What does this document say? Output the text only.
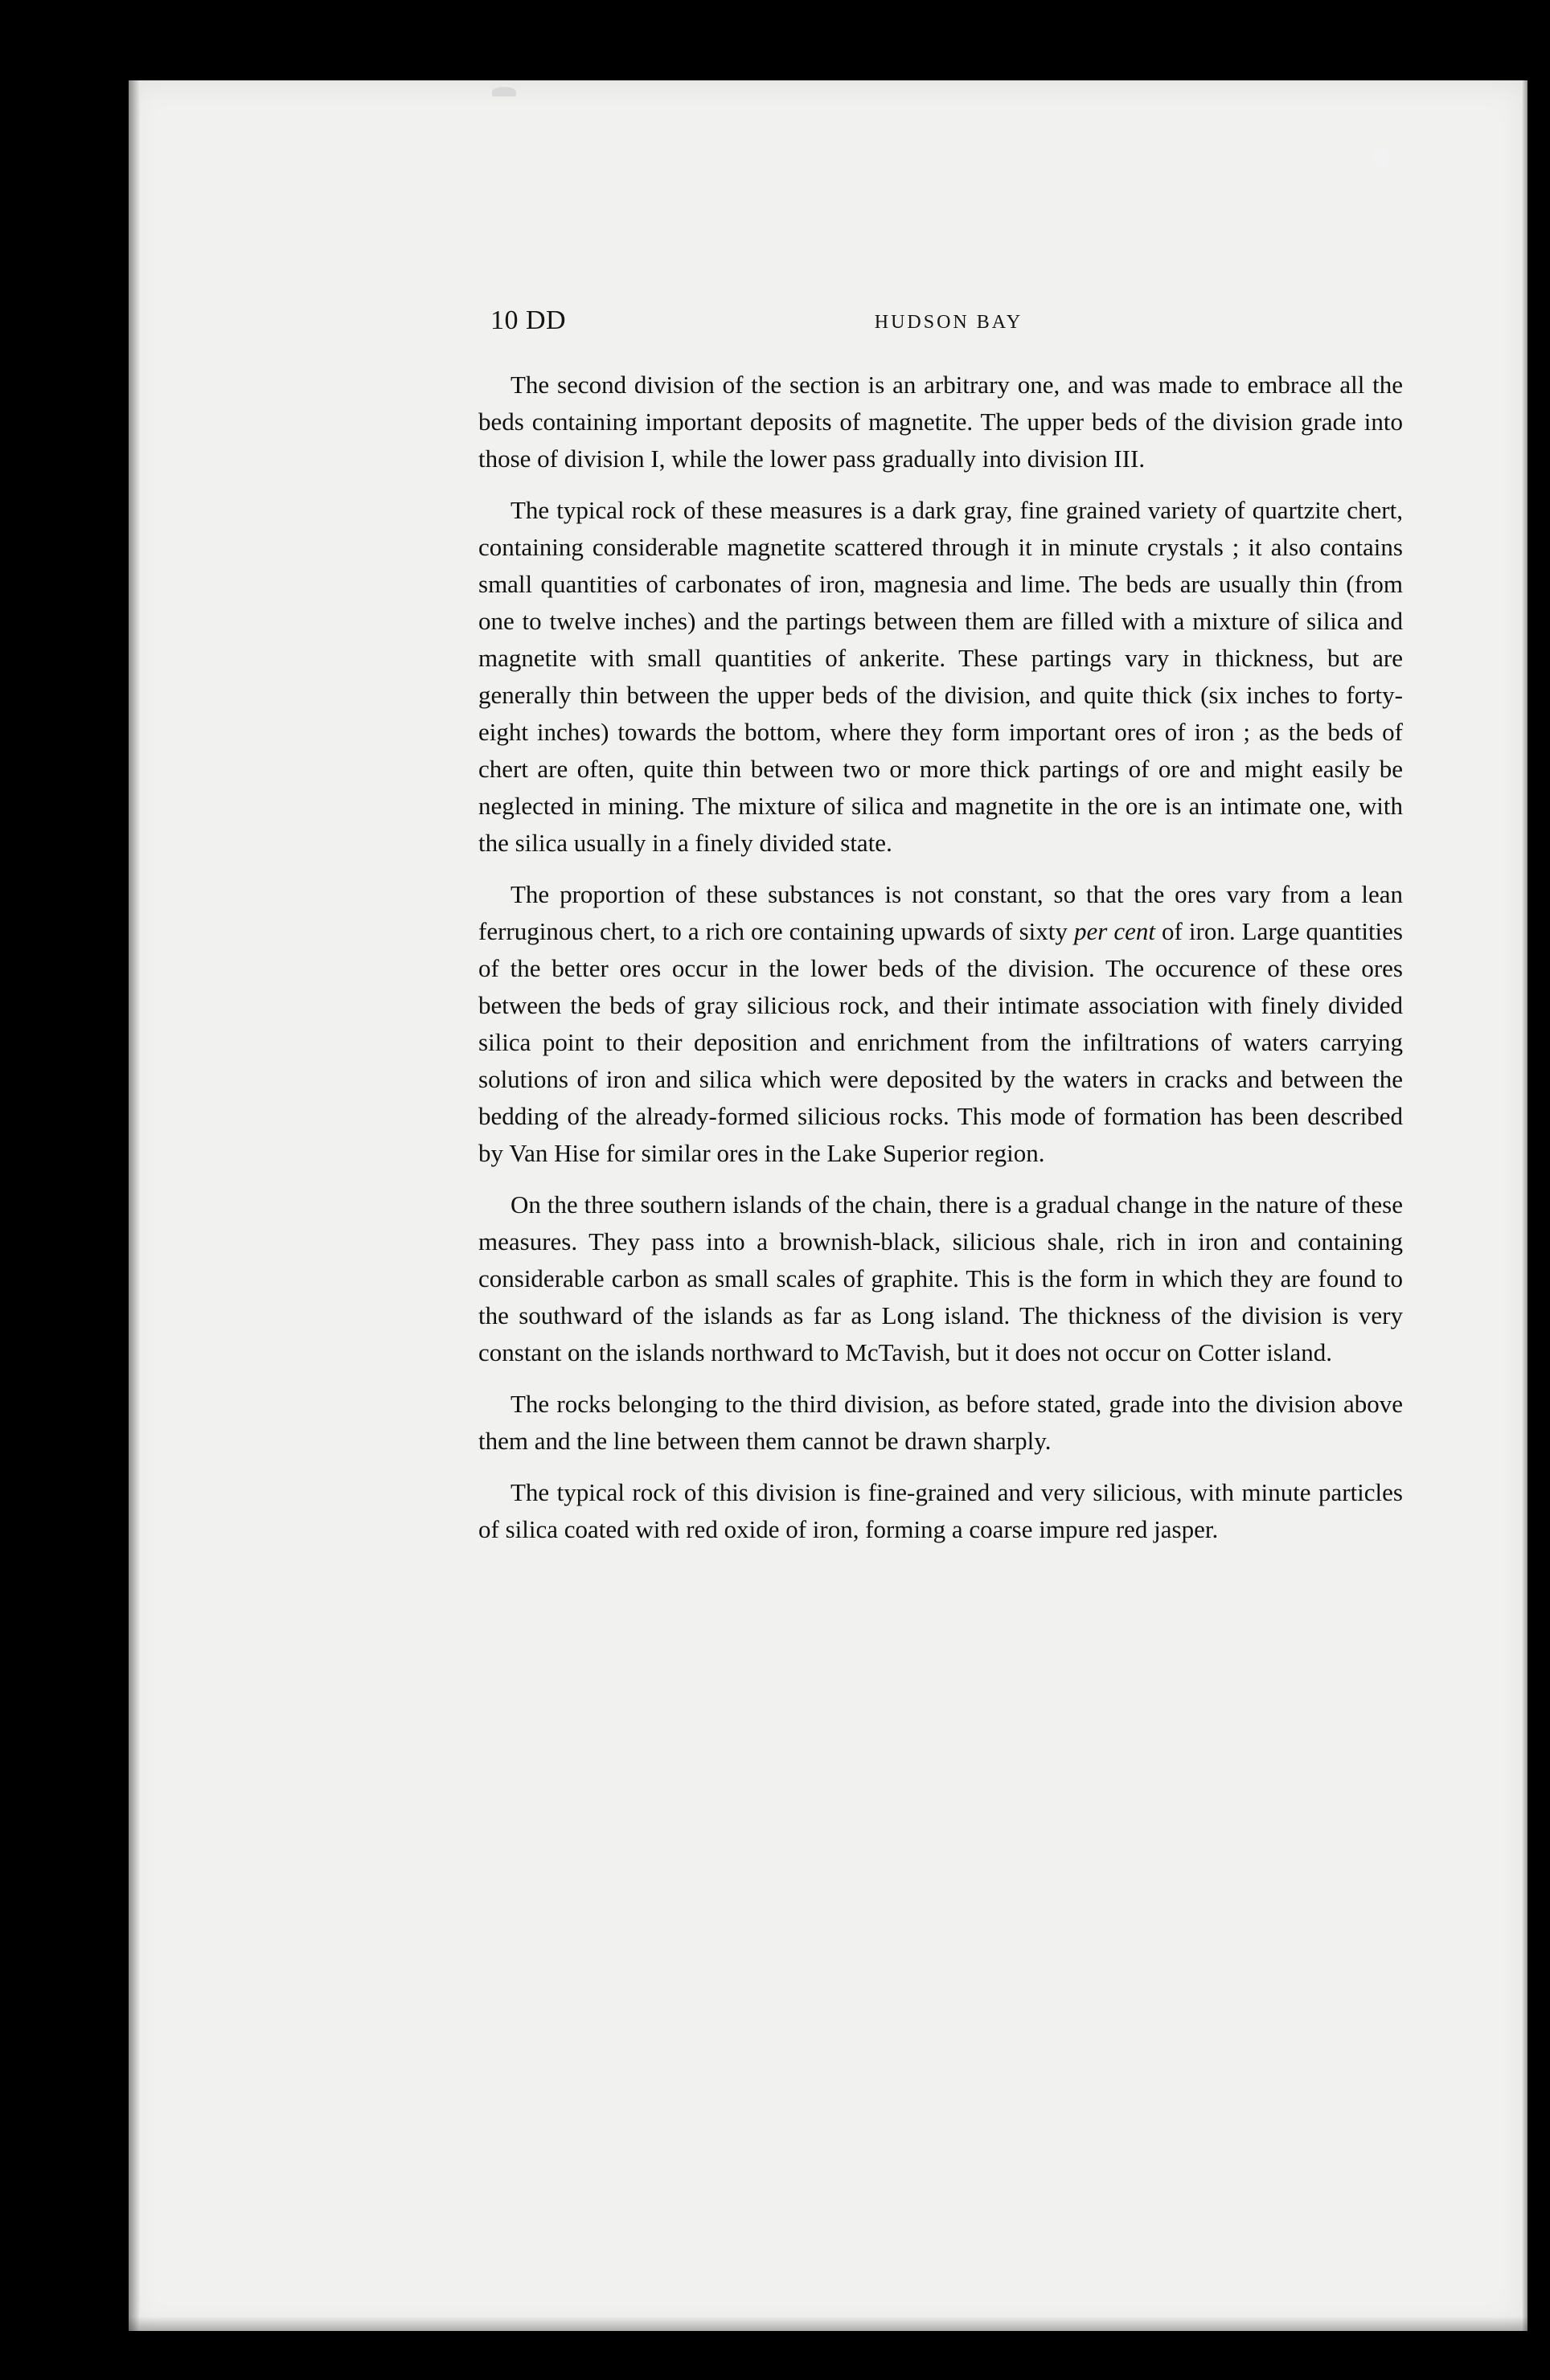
10 DD	HUDSON BAY

The second division of the section is an arbitrary one, and was made to embrace all the beds containing important deposits of magnetite. The upper beds of the division grade into those of division I, while the lower pass gradually into division III.

The typical rock of these measures is a dark gray, fine grained variety of quartzite chert, containing considerable magnetite scattered through it in minute crystals ; it also contains small quantities of carbonates of iron, magnesia and lime. The beds are usually thin (from one to twelve inches) and the partings between them are filled with a mixture of silica and magnetite with small quantities of ankerite. These partings vary in thickness, but are generally thin between the upper beds of the division, and quite thick (six inches to forty-eight inches) towards the bottom, where they form important ores of iron ; as the beds of chert are often, quite thin between two or more thick partings of ore and might easily be neglected in mining. The mixture of silica and magnetite in the ore is an intimate one, with the silica usually in a finely divided state.

The proportion of these substances is not constant, so that the ores vary from a lean ferruginous chert, to a rich ore containing upwards of sixty per cent of iron. Large quantities of the better ores occur in the lower beds of the division. The occurence of these ores between the beds of gray silicious rock, and their intimate association with finely divided silica point to their deposition and enrichment from the infiltrations of waters carrying solutions of iron and silica which were deposited by the waters in cracks and between the bedding of the already-formed silicious rocks. This mode of formation has been described by Van Hise for similar ores in the Lake Superior region.

On the three southern islands of the chain, there is a gradual change in the nature of these measures. They pass into a brownish-black, silicious shale, rich in iron and containing considerable carbon as small scales of graphite. This is the form in which they are found to the southward of the islands as far as Long island. The thickness of the division is very constant on the islands northward to McTavish, but it does not occur on Cotter island.

The rocks belonging to the third division, as before stated, grade into the division above them and the line between them cannot be drawn sharply.

The typical rock of this division is fine-grained and very silicious, with minute particles of silica coated with red oxide of iron, forming a coarse impure red jasper.
